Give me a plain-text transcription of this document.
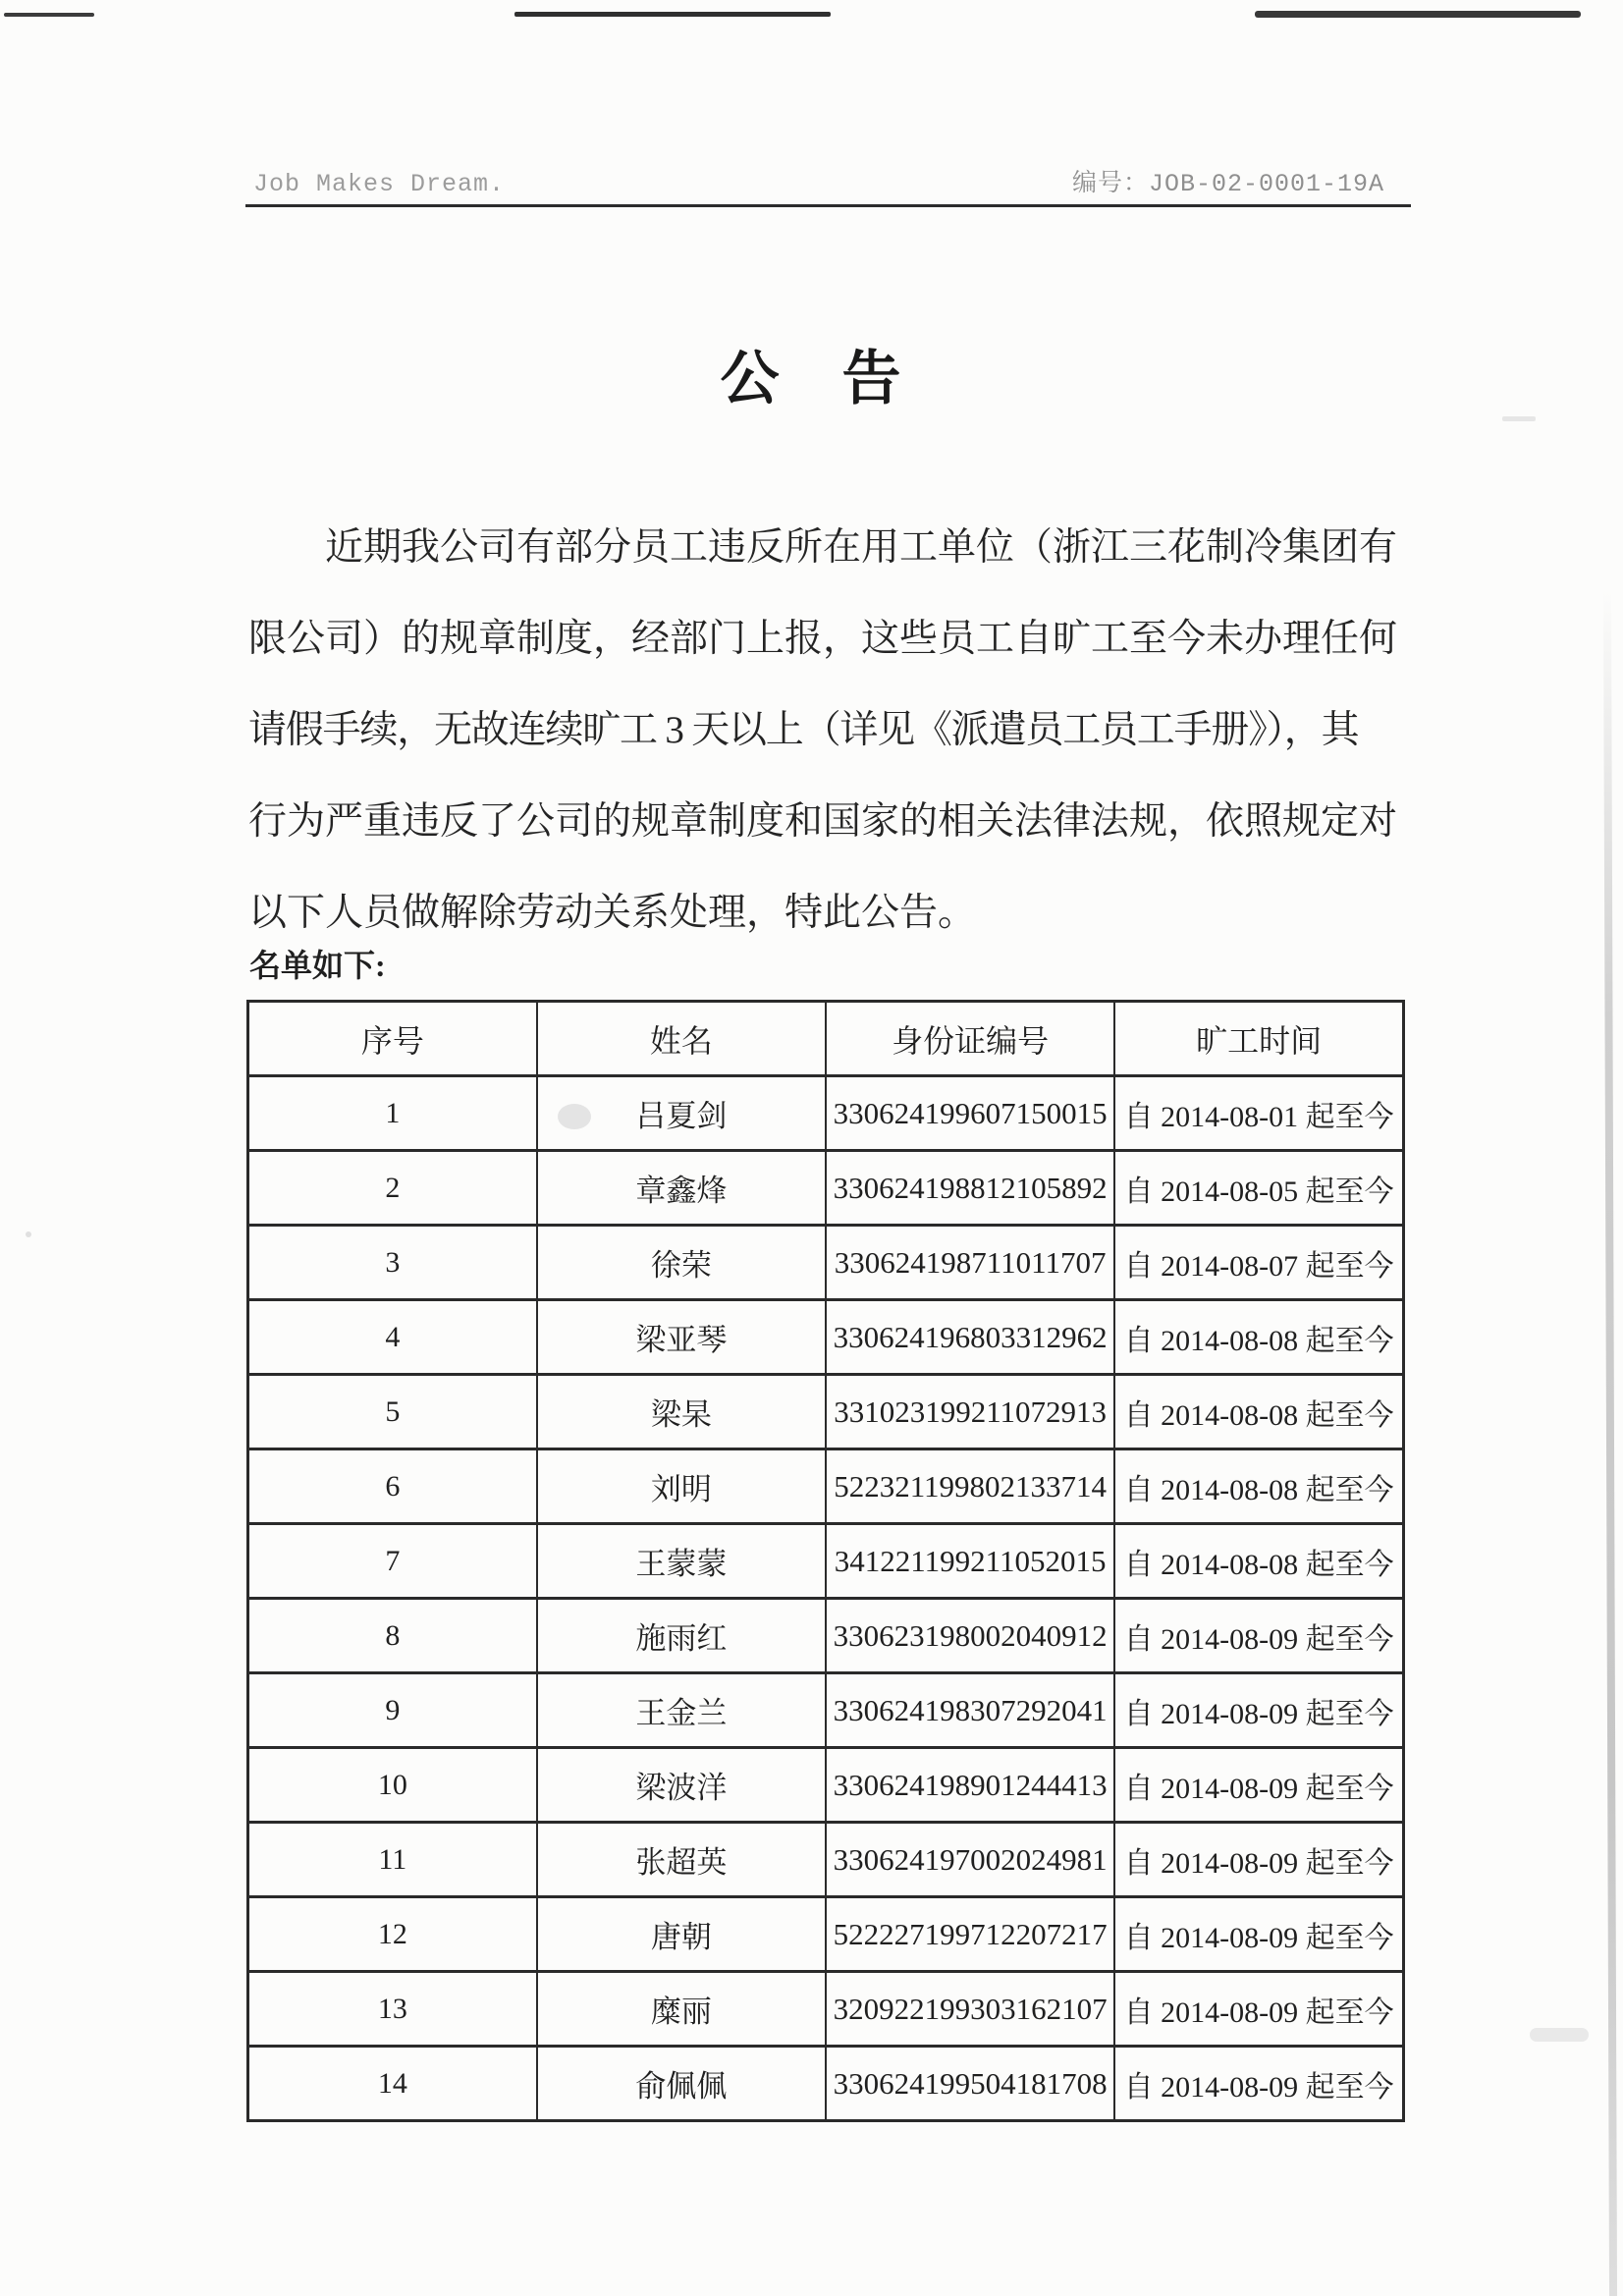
Job Makes Dream.	编号：JOB-02-0001-19A
公　告
近期我公司有部分员工违反所在用工单位（浙江三花制冷集团有
限公司）的规章制度，经部门上报，这些员工自旷工至今未办理任何
请假手续，无故连续旷工 3 天以上（详见《派遣员工员工手册》），其
行为严重违反了公司的规章制度和国家的相关法律法规，依照规定对
以下人员做解除劳动关系处理，特此公告。
名单如下:
序号	姓名	身份证编号	旷工时间
1	吕夏剑	330624199607150015	自 2014-08-01 起至今
2	章鑫烽	330624198812105892	自 2014-08-05 起至今
3	徐荣	330624198711011707	自 2014-08-07 起至今
4	梁亚琴	330624196803312962	自 2014-08-08 起至今
5	梁杲	331023199211072913	自 2014-08-08 起至今
6	刘明	522321199802133714	自 2014-08-08 起至今
7	王蒙蒙	341221199211052015	自 2014-08-08 起至今
8	施雨红	330623198002040912	自 2014-08-09 起至今
9	王金兰	330624198307292041	自 2014-08-09 起至今
10	梁波洋	330624198901244413	自 2014-08-09 起至今
11	张超英	330624197002024981	自 2014-08-09 起至今
12	唐朝	522227199712207217	自 2014-08-09 起至今
13	糜丽	320922199303162107	自 2014-08-09 起至今
14	俞佩佩	330624199504181708	自 2014-08-09 起至今
